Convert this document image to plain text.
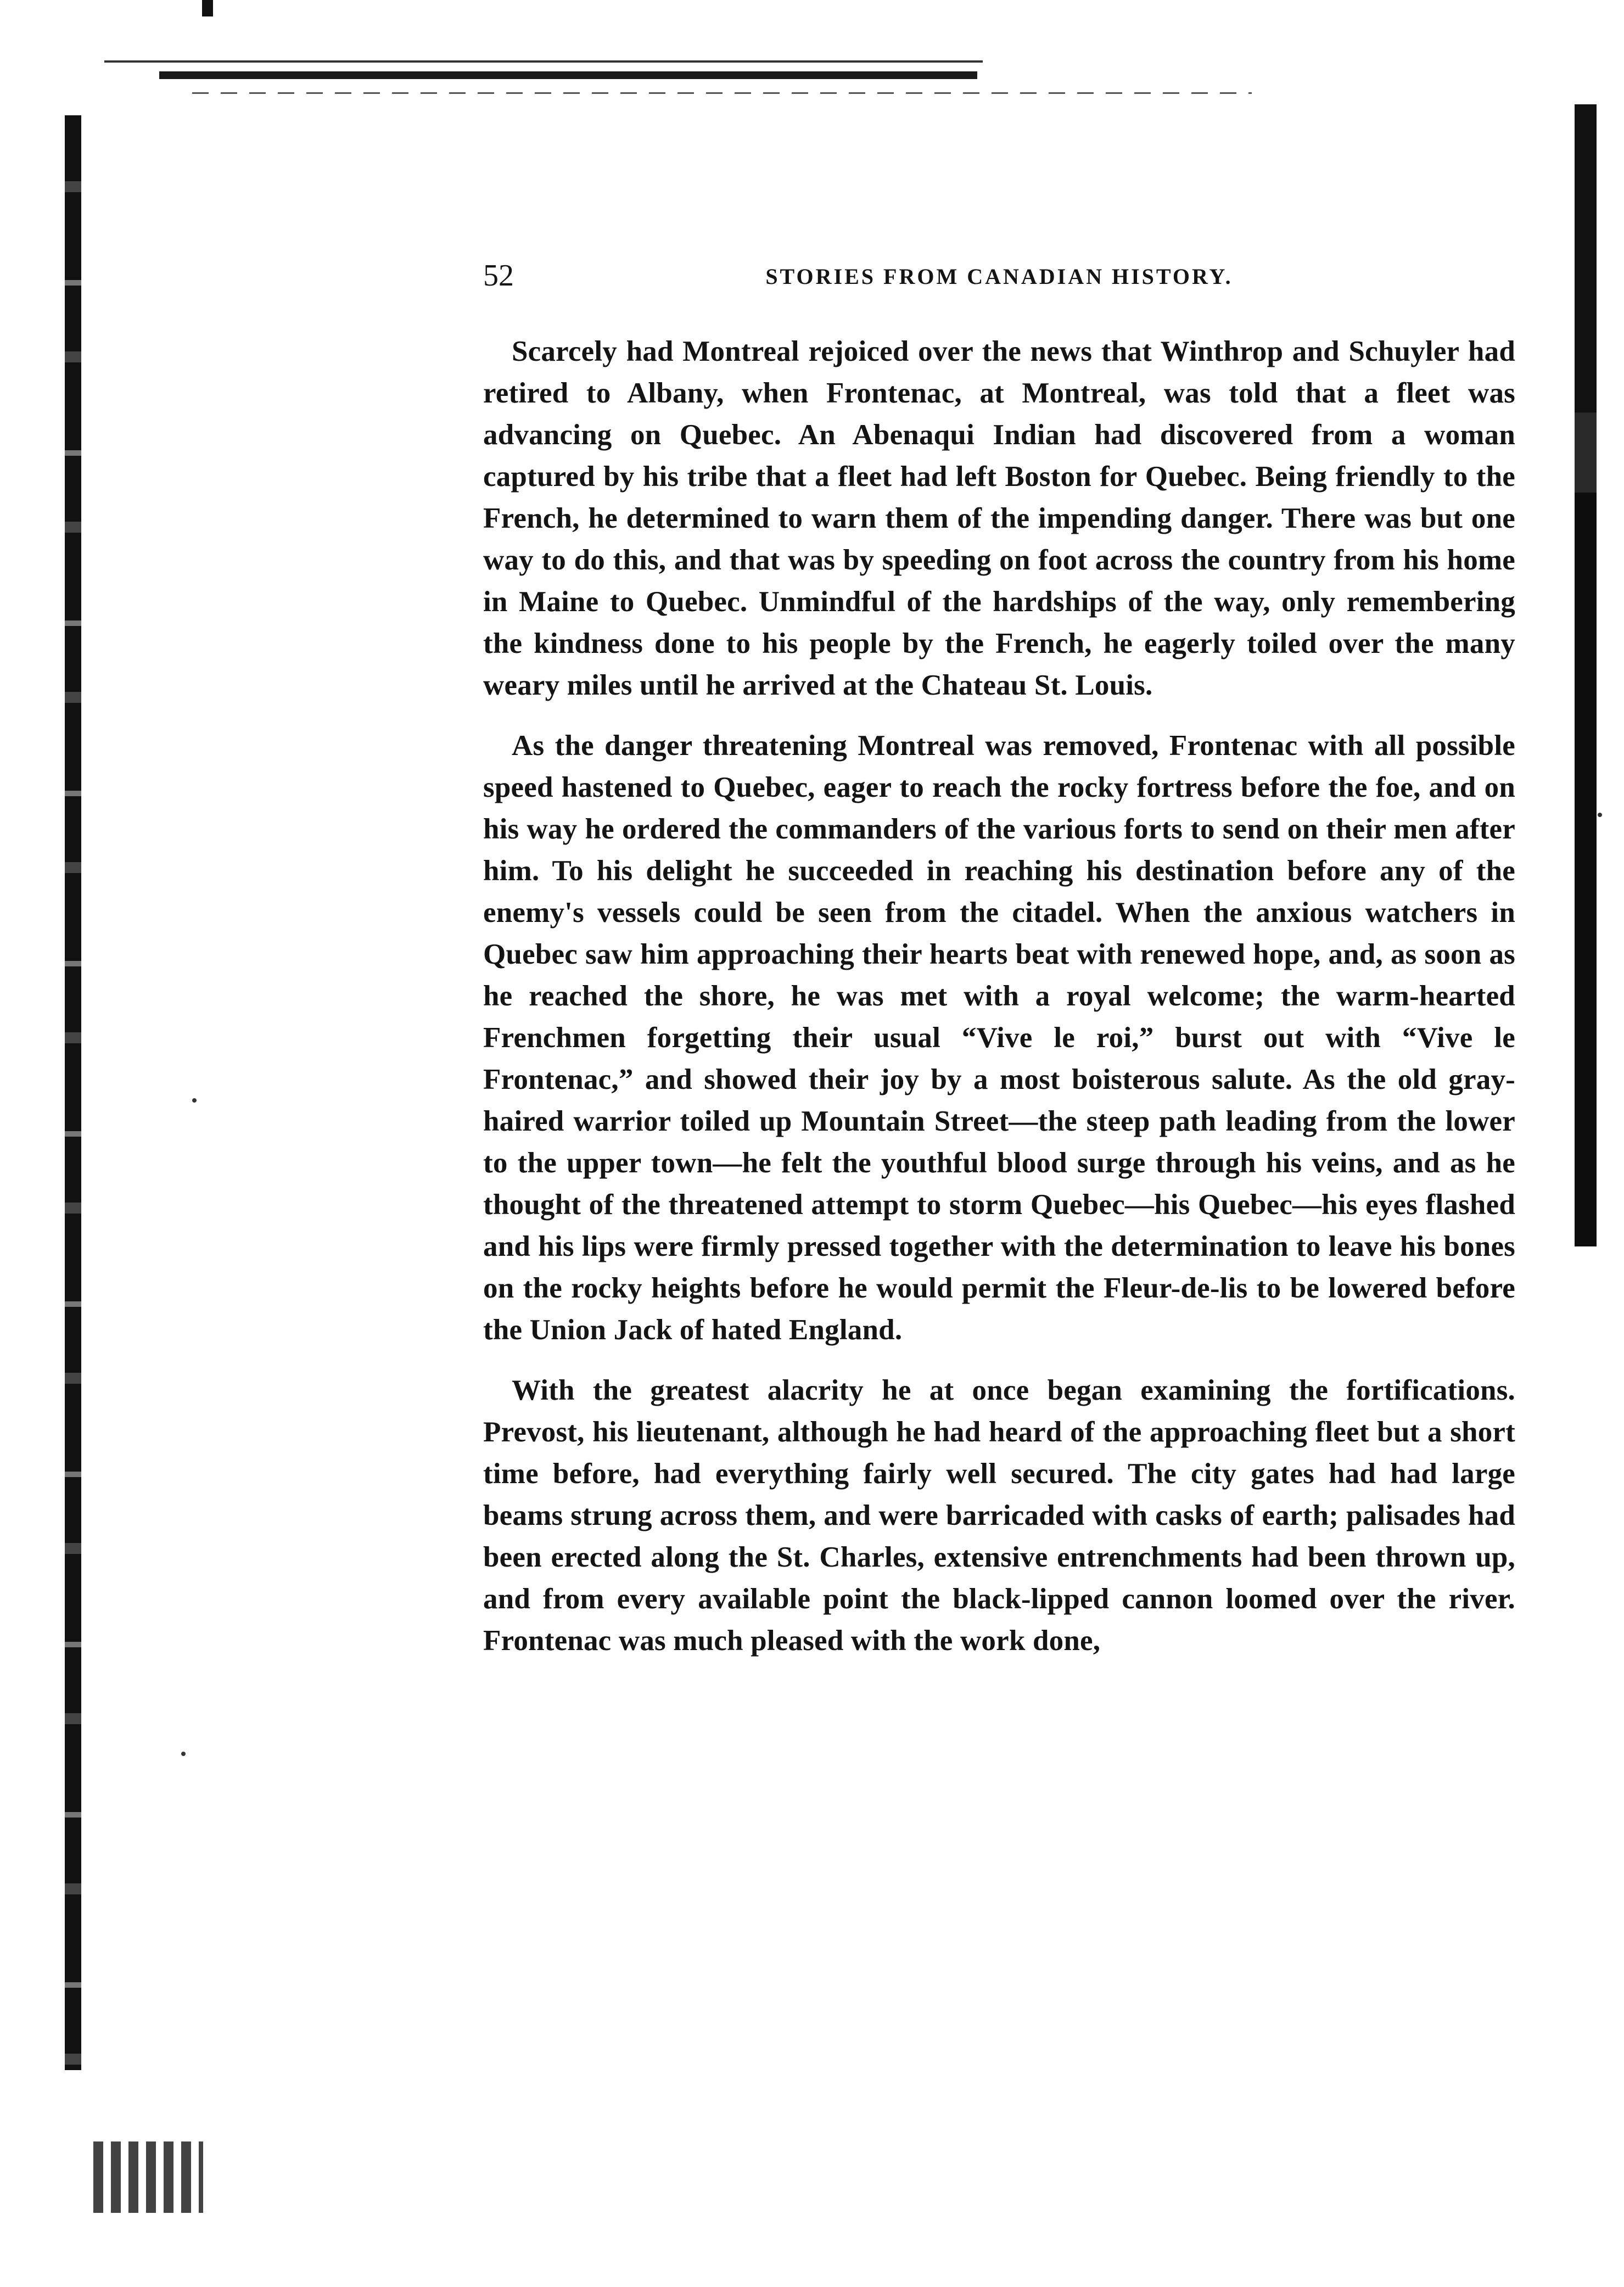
52	STORIES FROM CANADIAN HISTORY.

Scarcely had Montreal rejoiced over the news that Winthrop and Schuyler had retired to Albany, when Frontenac, at Montreal, was told that a fleet was advancing on Quebec. An Abenaqui Indian had discovered from a woman captured by his tribe that a fleet had left Boston for Quebec. Being friendly to the French, he determined to warn them of the impending danger. There was but one way to do this, and that was by speeding on foot across the country from his home in Maine to Quebec. Unmindful of the hardships of the way, only remembering the kindness done to his people by the French, he eagerly toiled over the many weary miles until he arrived at the Chateau St. Louis.

As the danger threatening Montreal was removed, Frontenac with all possible speed hastened to Quebec, eager to reach the rocky fortress before the foe, and on his way he ordered the commanders of the various forts to send on their men after him. To his delight he succeeded in reaching his destination before any of the enemy's vessels could be seen from the citadel. When the anxious watchers in Quebec saw him approaching their hearts beat with renewed hope, and, as soon as he reached the shore, he was met with a royal welcome; the warm-hearted Frenchmen forgetting their usual “Vive le roi,” burst out with “Vive le Frontenac,” and showed their joy by a most boisterous salute. As the old gray-haired warrior toiled up Mountain Street—the steep path leading from the lower to the upper town—he felt the youthful blood surge through his veins, and as he thought of the threatened attempt to storm Quebec—his Quebec—his eyes flashed and his lips were firmly pressed together with the determination to leave his bones on the rocky heights before he would permit the Fleur-de-lis to be lowered before the Union Jack of hated England.

With the greatest alacrity he at once began examining the fortifications. Prevost, his lieutenant, although he had heard of the approaching fleet but a short time before, had everything fairly well secured. The city gates had had large beams strung across them, and were barricaded with casks of earth; palisades had been erected along the St. Charles, extensive entrenchments had been thrown up, and from every available point the black-lipped cannon loomed over the river. Frontenac was much pleased with the work done,
